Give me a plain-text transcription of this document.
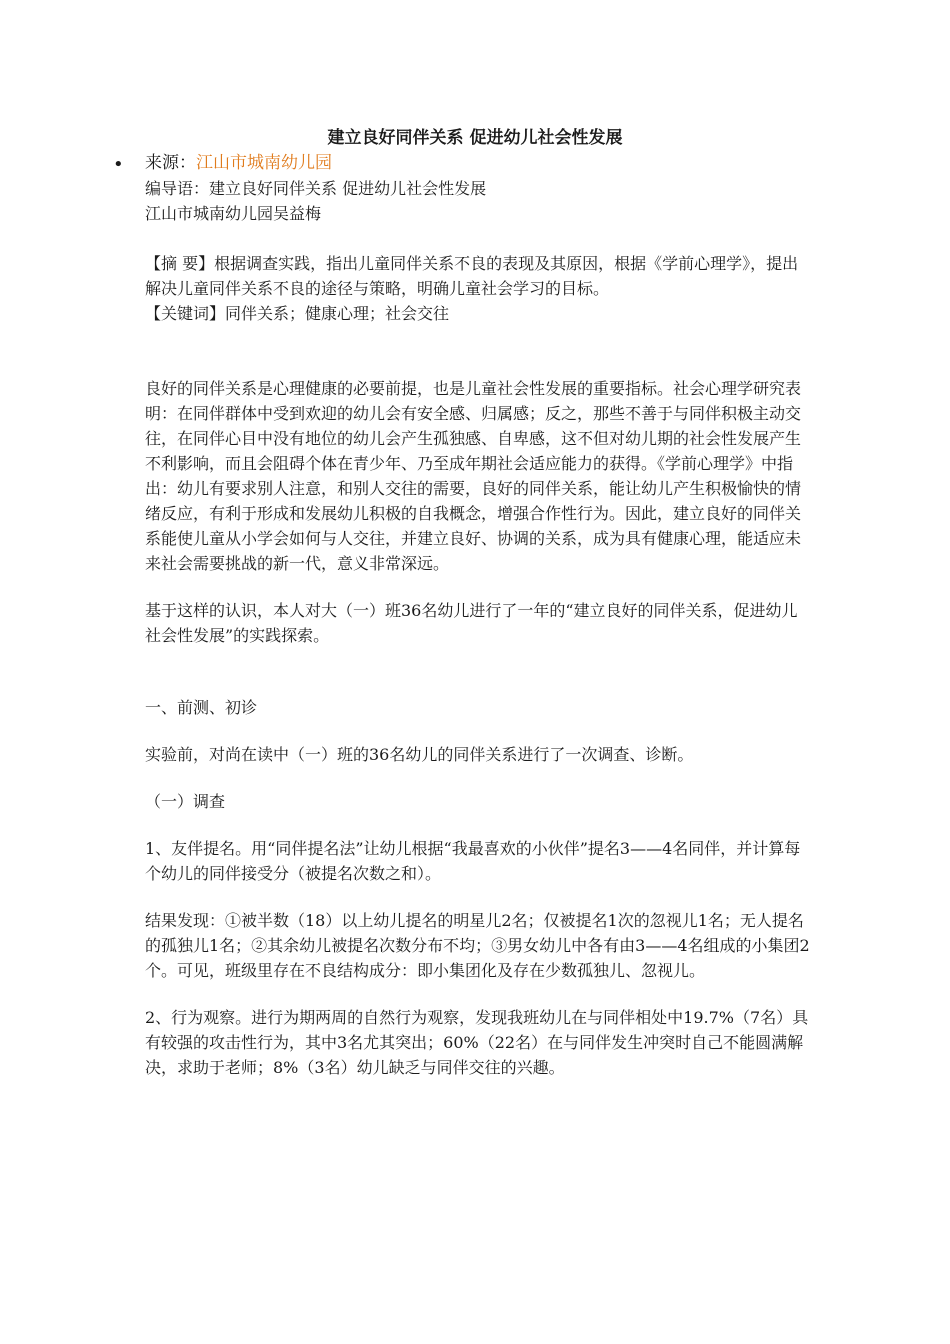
建立良好同伴关系 促进幼儿社会性发展
• 来源：江山市城南幼儿园

编导语：建立良好同伴关系 促进幼儿社会性发展

江山市城南幼儿园吴益梅

【摘 要】根据调查实践，指出儿童同伴关系不良的表现及其原因，根据《学前心理学》，提出解决儿童同伴关系不良的途径与策略，明确儿童社会学习的目标。

【关键词】同伴关系；健康心理；社会交往

良好的同伴关系是心理健康的必要前提，也是儿童社会性发展的重要指标。社会心理学研究表明：在同伴群体中受到欢迎的幼儿会有安全感、归属感；反之，那些不善于与同伴积极主动交往，在同伴心目中没有地位的幼儿会产生孤独感、自卑感，这不但对幼儿期的社会性发展产生不利影响，而且会阻碍个体在青少年、乃至成年期社会适应能力的获得。《学前心理学》中指出：幼儿有要求别人注意，和别人交往的需要，良好的同伴关系，能让幼儿产生积极愉快的情绪反应，有利于形成和发展幼儿积极的自我概念，增强合作性行为。因此，建立良好的同伴关系能使儿童从小学会如何与人交往，并建立良好、协调的关系，成为具有健康心理，能适应未来社会需要挑战的新一代，意义非常深远。

基于这样的认识，本人对大（一）班36名幼儿进行了一年的“建立良好的同伴关系，促进幼儿社会性发展”的实践探索。

一、前测、初诊

实验前，对尚在读中（一）班的36名幼儿的同伴关系进行了一次调查、诊断。

（一）调查

1、友伴提名。用“同伴提名法”让幼儿根据“我最喜欢的小伙伴”提名3——4名同伴，并计算每个幼儿的同伴接受分（被提名次数之和）。

结果发现：①被半数（18）以上幼儿提名的明星儿2名；仅被提名1次的忽视儿1名；无人提名的孤独儿1名；②其余幼儿被提名次数分布不均；③男女幼儿中各有由3——4名组成的小集团2个。可见，班级里存在不良结构成分：即小集团化及存在少数孤独儿、忽视儿。

2、行为观察。进行为期两周的自然行为观察，发现我班幼儿在与同伴相处中19.7%（7名）具有较强的攻击性行为，其中3名尤其突出；60%（22名）在与同伴发生冲突时自己不能圆满解决，求助于老师；8%（3名）幼儿缺乏与同伴交往的兴趣。
